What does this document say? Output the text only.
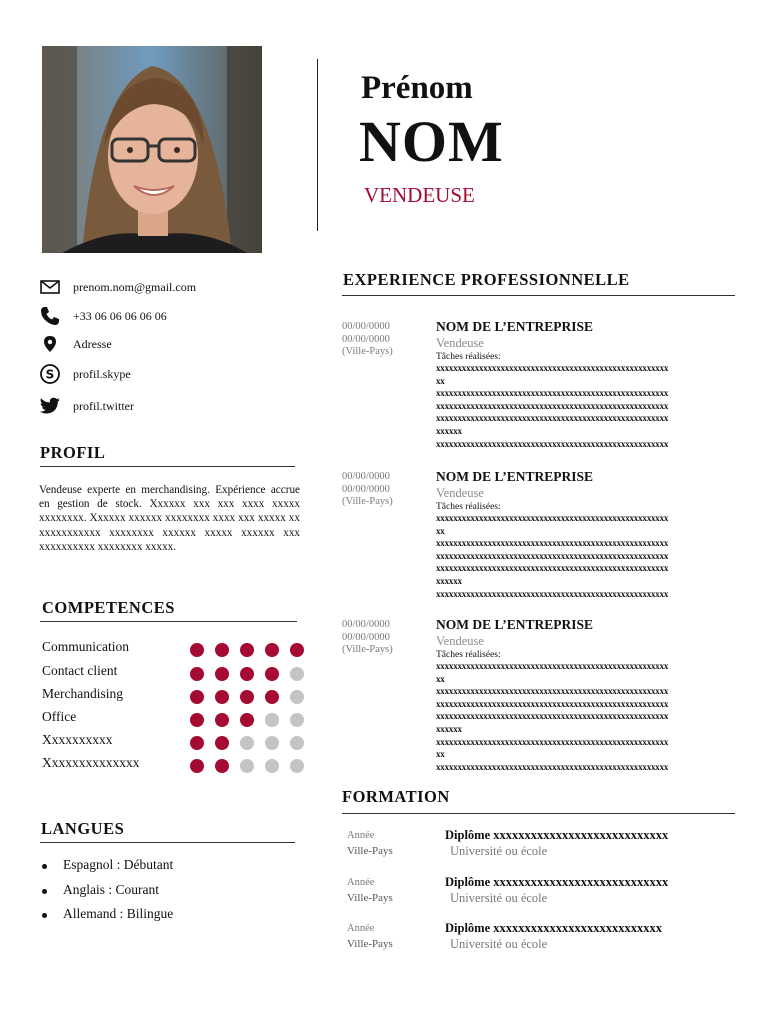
Prénom
NOM
VENDEUSE
prenom.nom@gmail.com
+33 06 06 06 06 06
Adresse
S profil.skype
profil.twitter
PROFIL
Vendeuse experte en merchandising. Expérience accrue en gestion de stock. Xxxxxx xxx xxx xxxx xxxxx xxxxxxxx. Xxxxxx xxxxxx xxxxxxxx xxxx xxx xxxxx xx xxxxxxxxxxx xxxxxxxx xxxxxx xxxxx xxxxxx xxx xxxxxxxxxx xxxxxxxx xxxxx.
COMPETENCES
Communication
Contact client
Merchandising
Office
Xxxxxxxxxx
Xxxxxxxxxxxxxx
LANGUES
Espagnol : Débutant
Anglais : Courant
Allemand : Bilingue
EXPERIENCE PROFESSIONNELLE
00/00/0000
00/00/0000
(Ville-Pays)
NOM DE L’ENTREPRISE
Vendeuse
Tâches réalisées:
xxxxxxxxxxxxxxxxxxxxxxxxxxxxxxxxxxxxxxxxxxxxxxxxxxxxxx
xx
xxxxxxxxxxxxxxxxxxxxxxxxxxxxxxxxxxxxxxxxxxxxxxxxxxxxxx
xxxxxxxxxxxxxxxxxxxxxxxxxxxxxxxxxxxxxxxxxxxxxxxxxxxxxx
xxxxxxxxxxxxxxxxxxxxxxxxxxxxxxxxxxxxxxxxxxxxxxxxxxxxxx
xxxxxx
xxxxxxxxxxxxxxxxxxxxxxxxxxxxxxxxxxxxxxxxxxxxxxxxxxxxxx
00/00/0000
00/00/0000
(Ville-Pays)
NOM DE L’ENTREPRISE
Vendeuse
Tâches réalisées:
xxxxxxxxxxxxxxxxxxxxxxxxxxxxxxxxxxxxxxxxxxxxxxxxxxxxxx
xx
xxxxxxxxxxxxxxxxxxxxxxxxxxxxxxxxxxxxxxxxxxxxxxxxxxxxxx
xxxxxxxxxxxxxxxxxxxxxxxxxxxxxxxxxxxxxxxxxxxxxxxxxxxxxx
xxxxxxxxxxxxxxxxxxxxxxxxxxxxxxxxxxxxxxxxxxxxxxxxxxxxxx
xxxxxx
xxxxxxxxxxxxxxxxxxxxxxxxxxxxxxxxxxxxxxxxxxxxxxxxxxxxxx
00/00/0000
00/00/0000
(Ville-Pays)
NOM DE L’ENTREPRISE
Vendeuse
Tâches réalisées:
xxxxxxxxxxxxxxxxxxxxxxxxxxxxxxxxxxxxxxxxxxxxxxxxxxxxxx
xx
xxxxxxxxxxxxxxxxxxxxxxxxxxxxxxxxxxxxxxxxxxxxxxxxxxxxxx
xxxxxxxxxxxxxxxxxxxxxxxxxxxxxxxxxxxxxxxxxxxxxxxxxxxxxx
xxxxxxxxxxxxxxxxxxxxxxxxxxxxxxxxxxxxxxxxxxxxxxxxxxxxxx
xxxxxx
xxxxxxxxxxxxxxxxxxxxxxxxxxxxxxxxxxxxxxxxxxxxxxxxxxxxxx
xx
xxxxxxxxxxxxxxxxxxxxxxxxxxxxxxxxxxxxxxxxxxxxxxxxxxxxxx
FORMATION
Année
Ville-Pays
Diplôme xxxxxxxxxxxxxxxxxxxxxxxxxxxx
Université ou école
Année
Ville-Pays
Diplôme xxxxxxxxxxxxxxxxxxxxxxxxxxxx
Université ou école
Année
Ville-Pays
Diplôme xxxxxxxxxxxxxxxxxxxxxxxxxxx
Université ou école
